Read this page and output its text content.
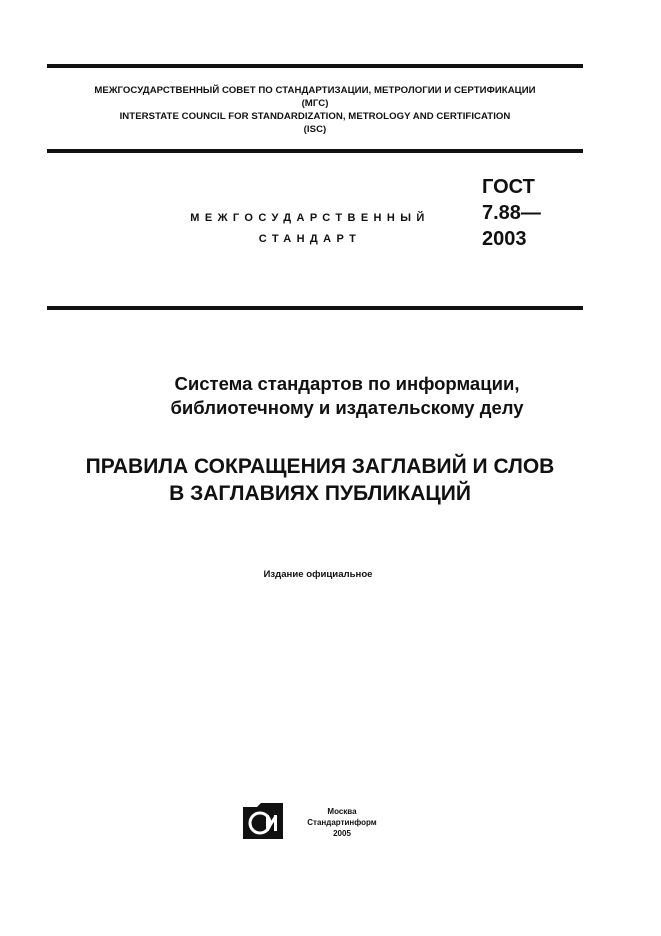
МЕЖГОСУДАРСТВЕННЫЙ СОВЕТ ПО СТАНДАРТИЗАЦИИ, МЕТРОЛОГИИ И СЕРТИФИКАЦИИ
(МГС)
INTERSTATE COUNCIL FOR STANDARDIZATION, METROLOGY AND CERTIFICATION
(ISC)
МЕЖГОСУДАРСТВЕННЫЙ
СТАНДАРТ
ГОСТ
7.88—
2003
Система стандартов по информации,
библиотечному и издательскому делу
ПРАВИЛА СОКРАЩЕНИЯ ЗАГЛАВИЙ И СЛОВ
В ЗАГЛАВИЯХ ПУБЛИКАЦИЙ
Издание официальное
Москва
Стандартинформ
2005
